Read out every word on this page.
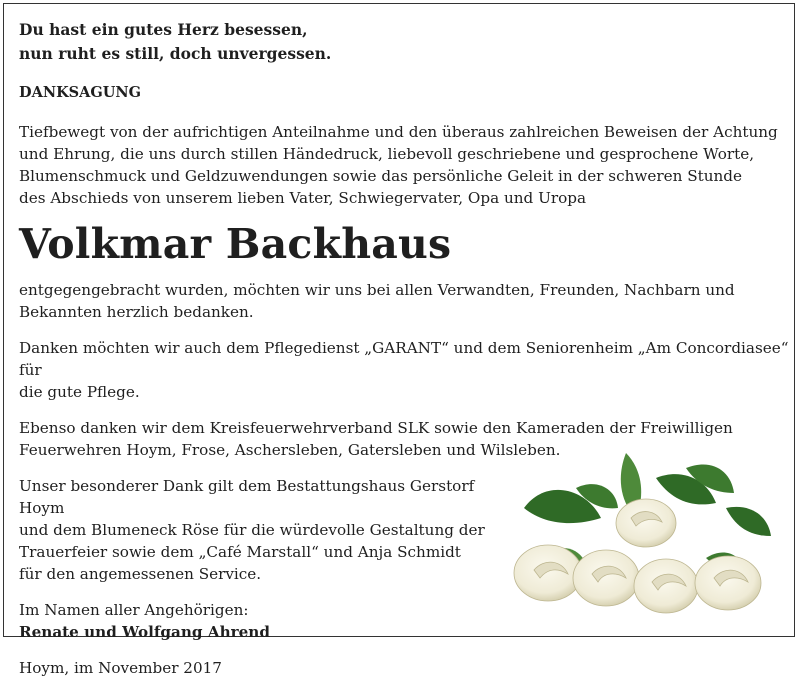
Du hast ein gutes Herz besessen,

nun ruht es still, doch unvergessen.

DANKSAGUNG

Tiefbewegt von der aufrichtigen Anteilnahme und den überaus zahlreichen Beweisen der Achtung

und Ehrung, die uns durch stillen Händedruck, liebevoll geschriebene und gesprochene Worte,

Blumenschmuck und Geldzuwendungen sowie das persönliche Geleit in der schweren Stunde

des Abschieds von unserem lieben Vater, Schwiegervater, Opa und Uropa

Volkmar Backhaus

entgegengebracht wurden, möchten wir uns bei allen Verwandten, Freunden, Nachbarn und

Bekannten herzlich bedanken.

Danken möchten wir auch dem Pflegedienst „GARANT“ und dem Seniorenheim „Am Concordiasee“ für

die gute Pflege.

Ebenso danken wir dem Kreisfeuerwehrverband SLK sowie den Kameraden der Freiwilligen

Feuerwehren Hoym, Frose, Aschersleben, Gatersleben und Wilsleben.

Unser besonderer Dank gilt dem Bestattungshaus Gerstorf Hoym

und dem Blumeneck Röse für die würdevolle Gestaltung der

Trauerfeier sowie dem „Café Marstall“ und Anja Schmidt

für den angemessenen Service.

Im Namen aller Angehörigen:

Renate und Wolfgang Ahrend

Hoym, im November 2017
